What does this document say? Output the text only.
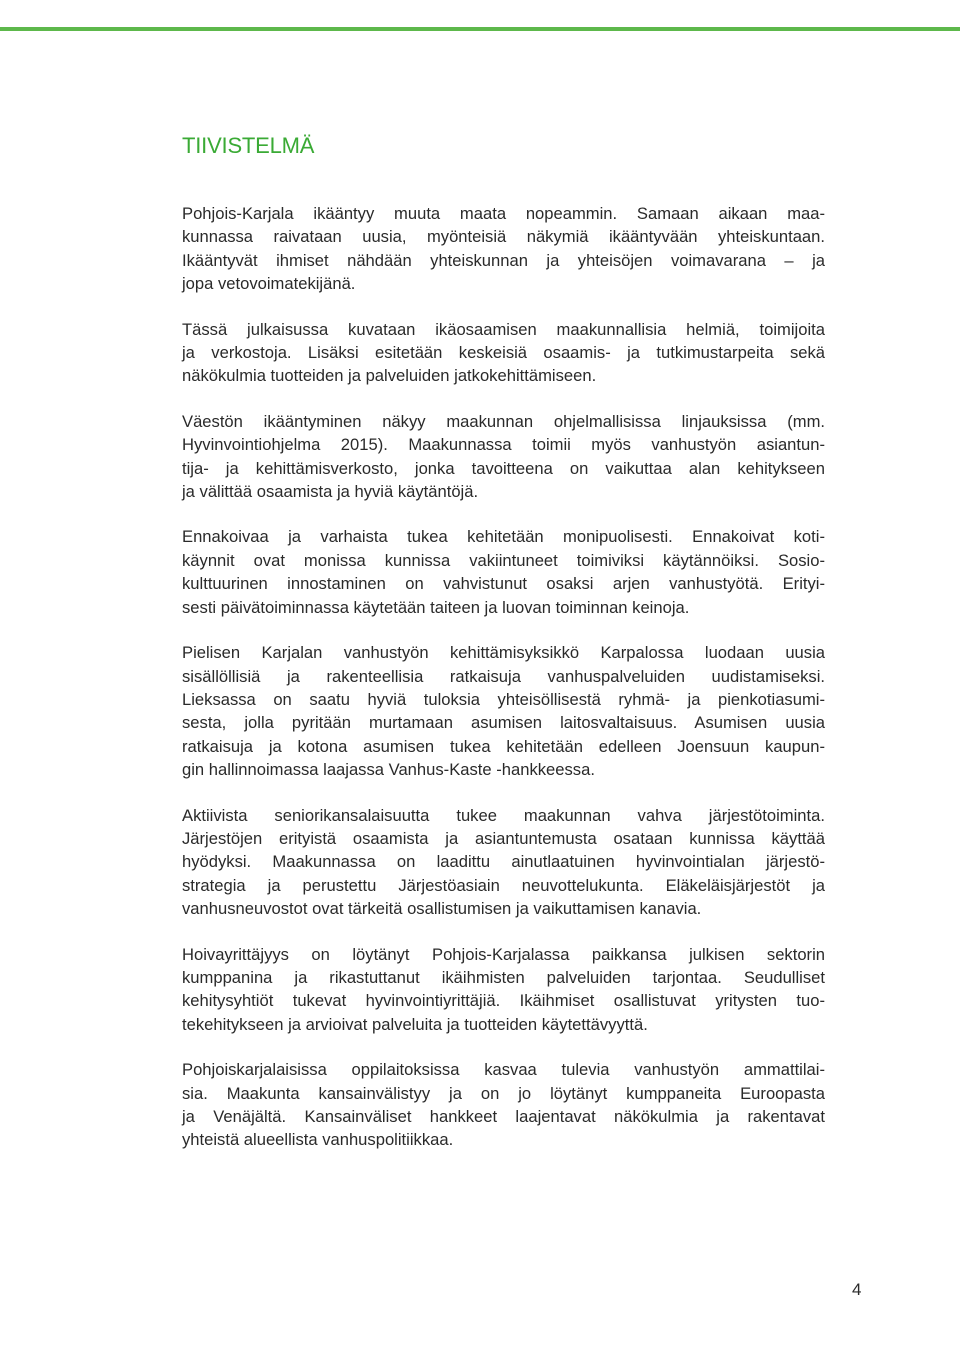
TIIVISTELMÄ

Pohjois-Karjala ikääntyy muuta maata nopeammin. Samaan aikaan maa-
kunnassa raivataan uusia, myönteisiä näkymiä ikääntyvään yhteiskuntaan.
Ikääntyvät ihmiset nähdään yhteiskunnan ja yhteisöjen voimavarana – ja
jopa vetovoimatekijänä.

Tässä julkaisussa kuvataan ikäosaamisen maakunnallisia helmiä, toimijoita
ja verkostoja. Lisäksi esitetään keskeisiä osaamis- ja tutkimustarpeita sekä
näkökulmia tuotteiden ja palveluiden jatkokehittämiseen.

Väestön ikääntyminen näkyy maakunnan ohjelmallisissa linjauksissa (mm.
Hyvinvointiohjelma 2015). Maakunnassa toimii myös vanhustyön asiantun-
tija- ja kehittämisverkosto, jonka tavoitteena on vaikuttaa alan kehitykseen
ja välittää osaamista ja hyviä käytäntöjä.

Ennakoivaa ja varhaista tukea kehitetään monipuolisesti. Ennakoivat koti-
käynnit ovat monissa kunnissa vakiintuneet toimiviksi käytännöiksi. Sosio-
kulttuurinen innostaminen on vahvistunut osaksi arjen vanhustyötä. Erityi-
sesti päivätoiminnassa käytetään taiteen ja luovan toiminnan keinoja.

Pielisen Karjalan vanhustyön kehittämisyksikkö Karpalossa luodaan uusia
sisällöllisiä ja rakenteellisia ratkaisuja vanhuspalveluiden uudistamiseksi.
Lieksassa on saatu hyviä tuloksia yhteisöllisestä ryhmä- ja pienkotiasumi-
sesta, jolla pyritään murtamaan asumisen laitosvaltaisuus. Asumisen uusia
ratkaisuja ja kotona asumisen tukea kehitetään edelleen Joensuun kaupun-
gin hallinnoimassa laajassa Vanhus-Kaste -hankkeessa.

Aktiivista seniorikansalaisuutta tukee maakunnan vahva järjestötoiminta.
Järjestöjen erityistä osaamista ja asiantuntemusta osataan kunnissa käyttää
hyödyksi. Maakunnassa on laadittu ainutlaatuinen hyvinvointialan järjestö-
strategia ja perustettu Järjestöasiain neuvottelukunta. Eläkeläisjärjestöt ja
vanhusneuvostot ovat tärkeitä osallistumisen ja vaikuttamisen kanavia.

Hoivayrittäjyys on löytänyt Pohjois-Karjalassa paikkansa julkisen sektorin
kumppanina ja rikastuttanut ikäihmisten palveluiden tarjontaa. Seudulliset
kehitysyhtiöt tukevat hyvinvointiyrittäjiä. Ikäihmiset osallistuvat yritysten tuo-
tekehitykseen ja arvioivat palveluita ja tuotteiden käytettävyyttä.

Pohjoiskarjalaisissa oppilaitoksissa kasvaa tulevia vanhustyön ammattilai-
sia. Maakunta kansainvälistyy ja on jo löytänyt kumppaneita Euroopasta
ja Venäjältä. Kansainväliset hankkeet laajentavat näkökulmia ja rakentavat
yhteistä alueellista vanhuspolitiikkaa.

4
